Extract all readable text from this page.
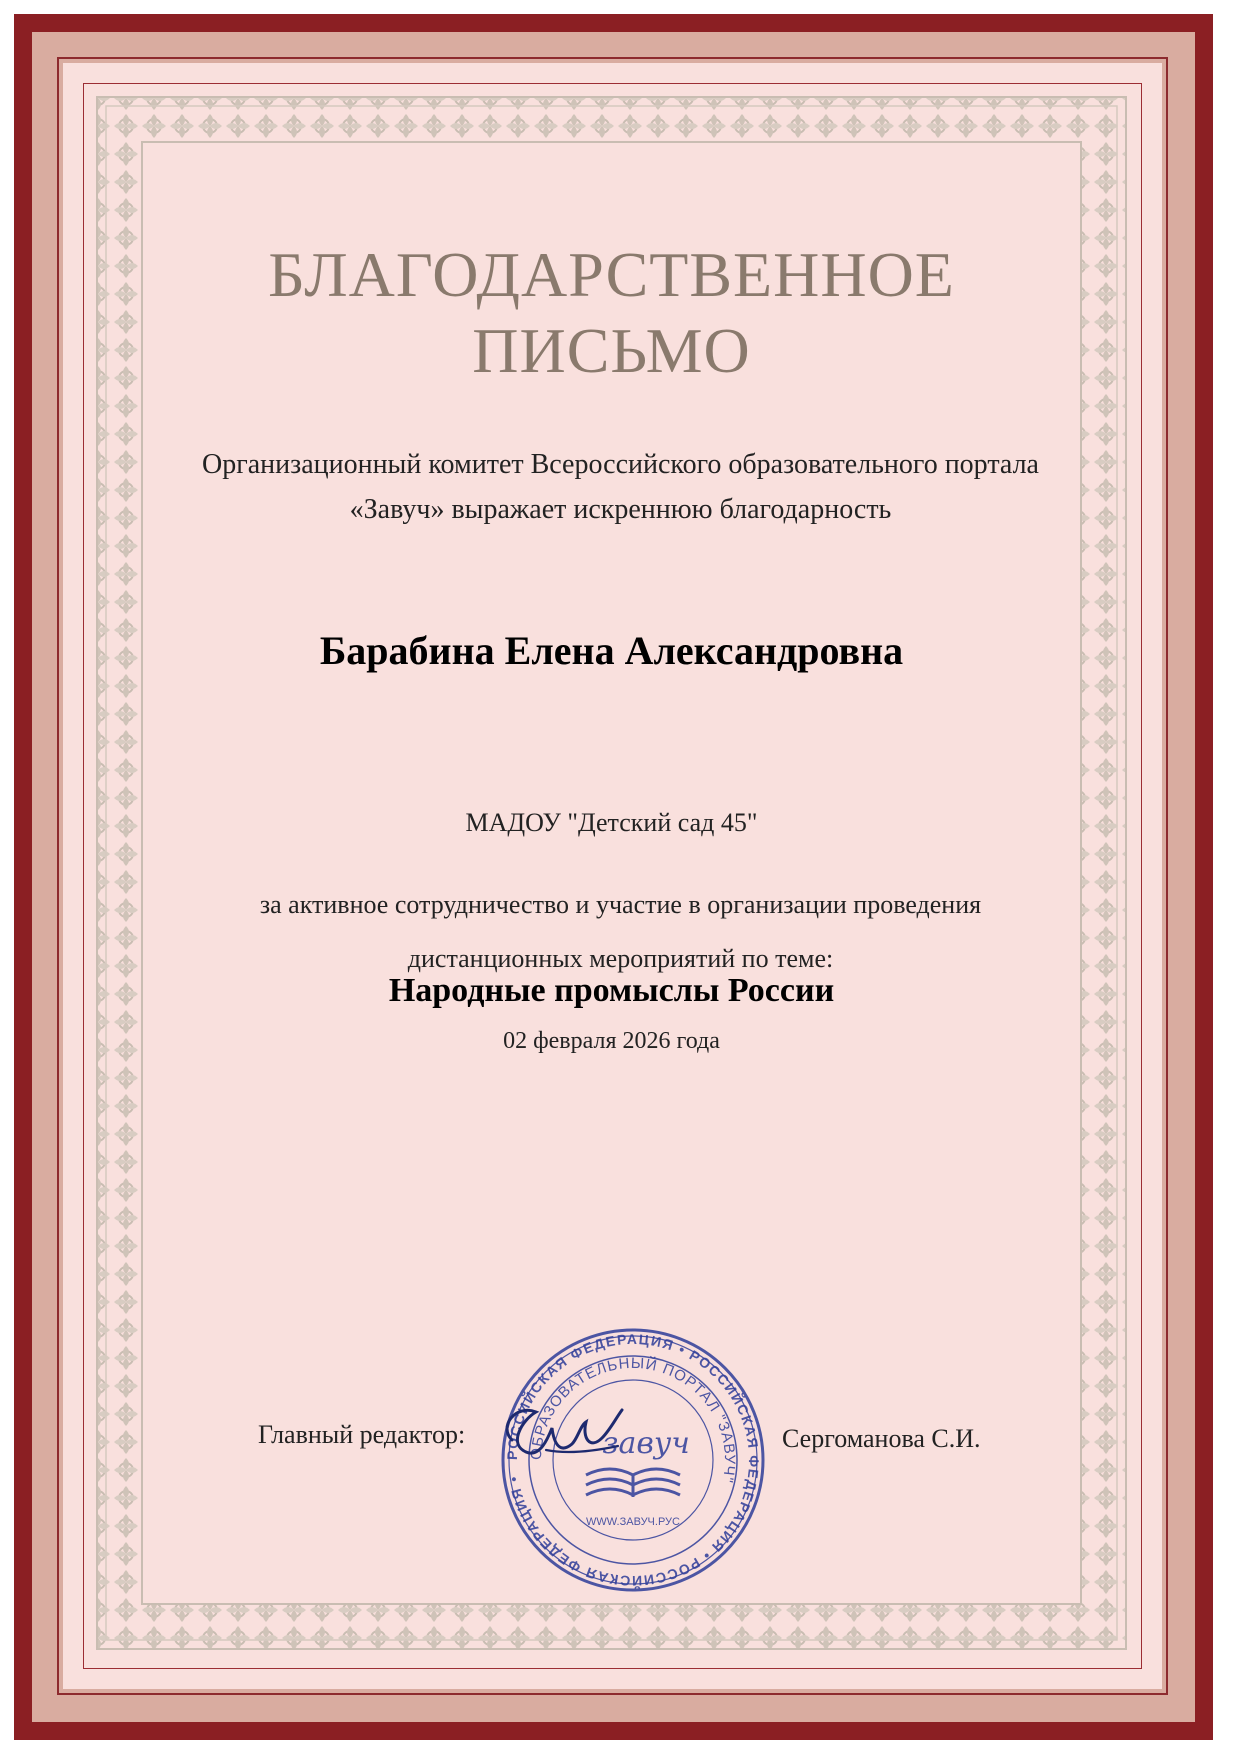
БЛАГОДАРСТВЕННОЕ
ПИСЬМО
Организационный комитет Всероссийского образовательного портала «Завуч» выражает искреннюю благодарность
Барабина Елена Александровна
МАДОУ "Детский сад 45"
за активное сотрудничество и участие в организации проведения дистанционных мероприятий по теме:
Народные промыслы России
02 февраля 2026 года
Главный редактор:	Сергоманова С.И.
РОССИЙСКАЯ ФЕДЕРАЦИЯ • РОССИЙСКАЯ ФЕДЕРАЦИЯ • РОССИЙСКАЯ ФЕДЕРАЦИЯ •
ОБРАЗОВАТЕЛЬНЫЙ ПОРТАЛ "ЗАВУЧ"
завуч
WWW.ЗАВУЧ.РУС
